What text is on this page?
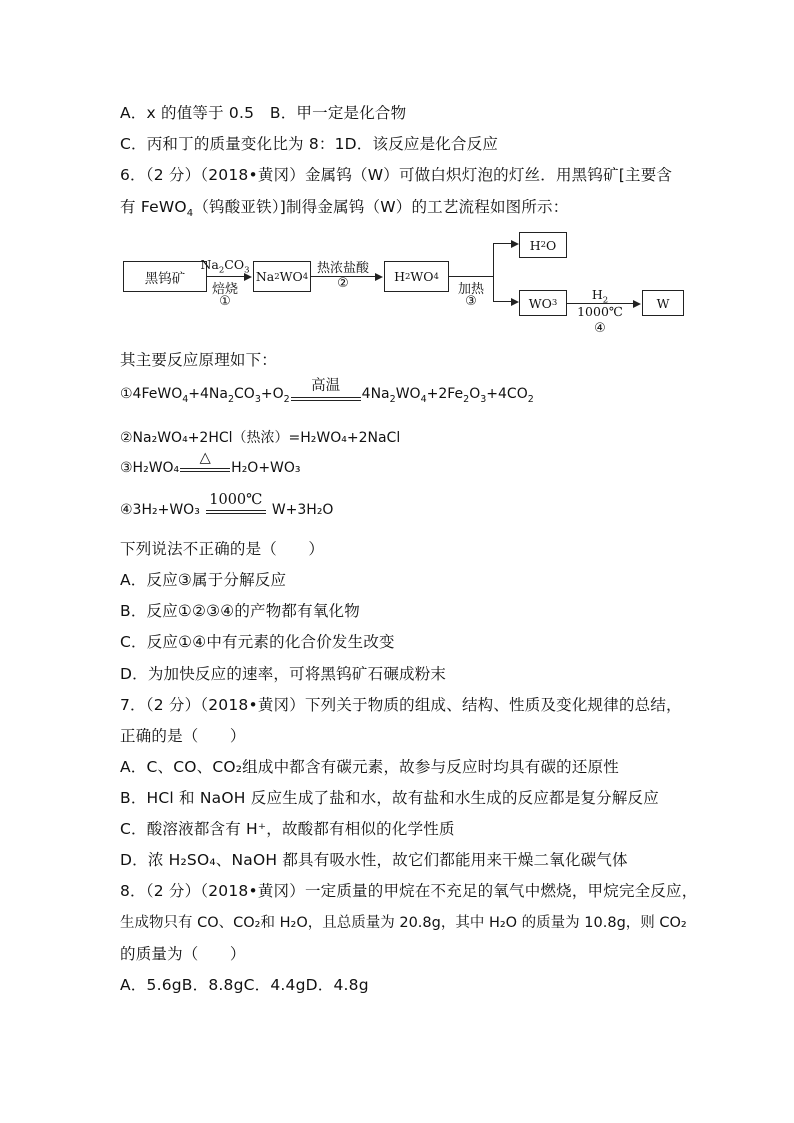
A．x 的值等于 0.5　B．甲一定是化合物
C．丙和丁的质量变化比为 8：1D．该反应是化合反应
6．（2 分）（2018•黄冈）金属钨（W）可做白炽灯泡的灯丝．用黑钨矿[主要含
有 FeWO$_4$（钨酸亚铁）]制得金属钨（W）的工艺流程如图所示：
黑钨矿
$Na_2CO_3$
焙烧
①
Na 2 WO 4
热浓盐酸
②	H 2 WO 4
加热
③
H 2 O
WO 3
$H_2$
1000℃
④
W
其主要反应原理如下：
$①4FeWO_4+4Na_2CO_3+O_2$
高温
$4Na_2WO_4+2Fe_2O_3+4CO_2$
②Na₂WO₄+2HCl（热浓）=H₂WO₄+2NaCl
③H₂WO₄
△
H₂O+WO₃
④3H₂+WO₃
1000℃
W+3H₂O
下列说法不正确的是（　　）
A．反应③属于分解反应
B．反应①②③④的产物都有氧化物
C．反应①④中有元素的化合价发生改变
D．为加快反应的速率，可将黑钨矿石碾成粉末
7．（2 分）（2018•黄冈）下列关于物质的组成、结构、性质及变化规律的总结，
正确的是（　　）
A．C、CO、CO₂组成中都含有碳元素，故参与反应时均具有碳的还原性
B．HCl 和 NaOH 反应生成了盐和水，故有盐和水生成的反应都是复分解反应
C．酸溶液都含有 H⁺，故酸都有相似的化学性质
D．浓 H₂SO₄、NaOH 都具有吸水性，故它们都能用来干燥二氧化碳气体
8．（2 分）（2018•黄冈）一定质量的甲烷在不充足的氧气中燃烧，甲烷完全反应，
生成物只有 CO、CO₂和 H₂O，且总质量为 20.8g，其中 H₂O 的质量为 10.8g，则 CO₂
的质量为（　　）
A．5.6gB．8.8gC．4.4gD．4.8g
